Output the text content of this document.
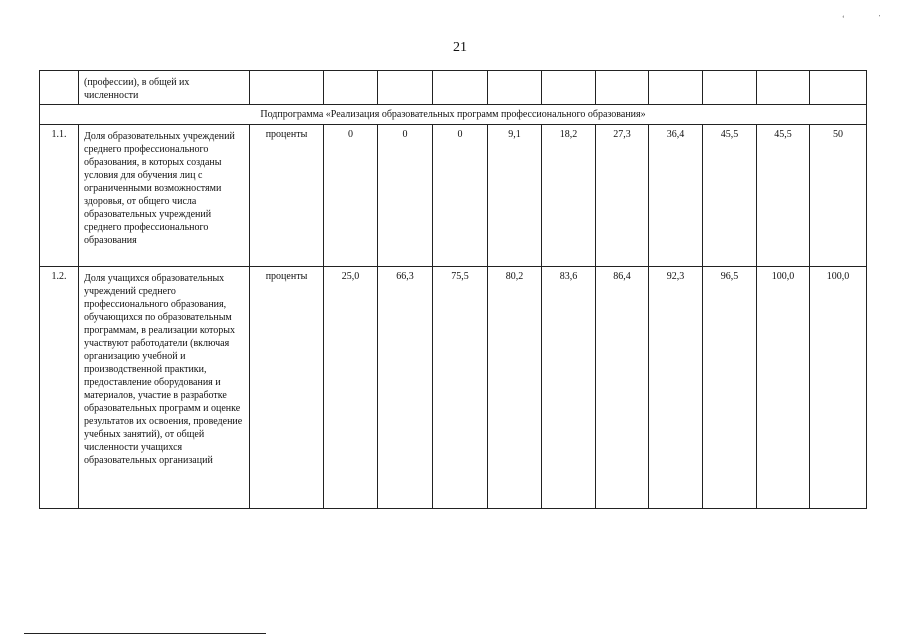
'
‘
21
	(профессии), в общей их численности											
Подпрограмма «Реализация образовательных программ профессионального образования»												
1.1.	Доля образовательных учреждений среднего профессионального образования, в которых созданы условия для обучения лиц с ограниченными возможностями здоровья, от общего числа образовательных учреждений среднего профессионального образования	проценты	0	0	0	9,1	18,2	27,3	36,4	45,5	45,5	50
1.2.	Доля учащихся образовательных учреждений среднего профессионального образования, обучающихся по образовательным программам, в реализации которых участвуют работодатели (включая организацию учебной и производственной практики, предоставление оборудования и материалов, участие в разработке образовательных программ и оценке результатов их освоения, проведение учебных занятий), от общей численности учащихся образовательных организаций	проценты	25,0	66,3	75,5	80,2	83,6	86,4	92,3	96,5	100,0	100,0
